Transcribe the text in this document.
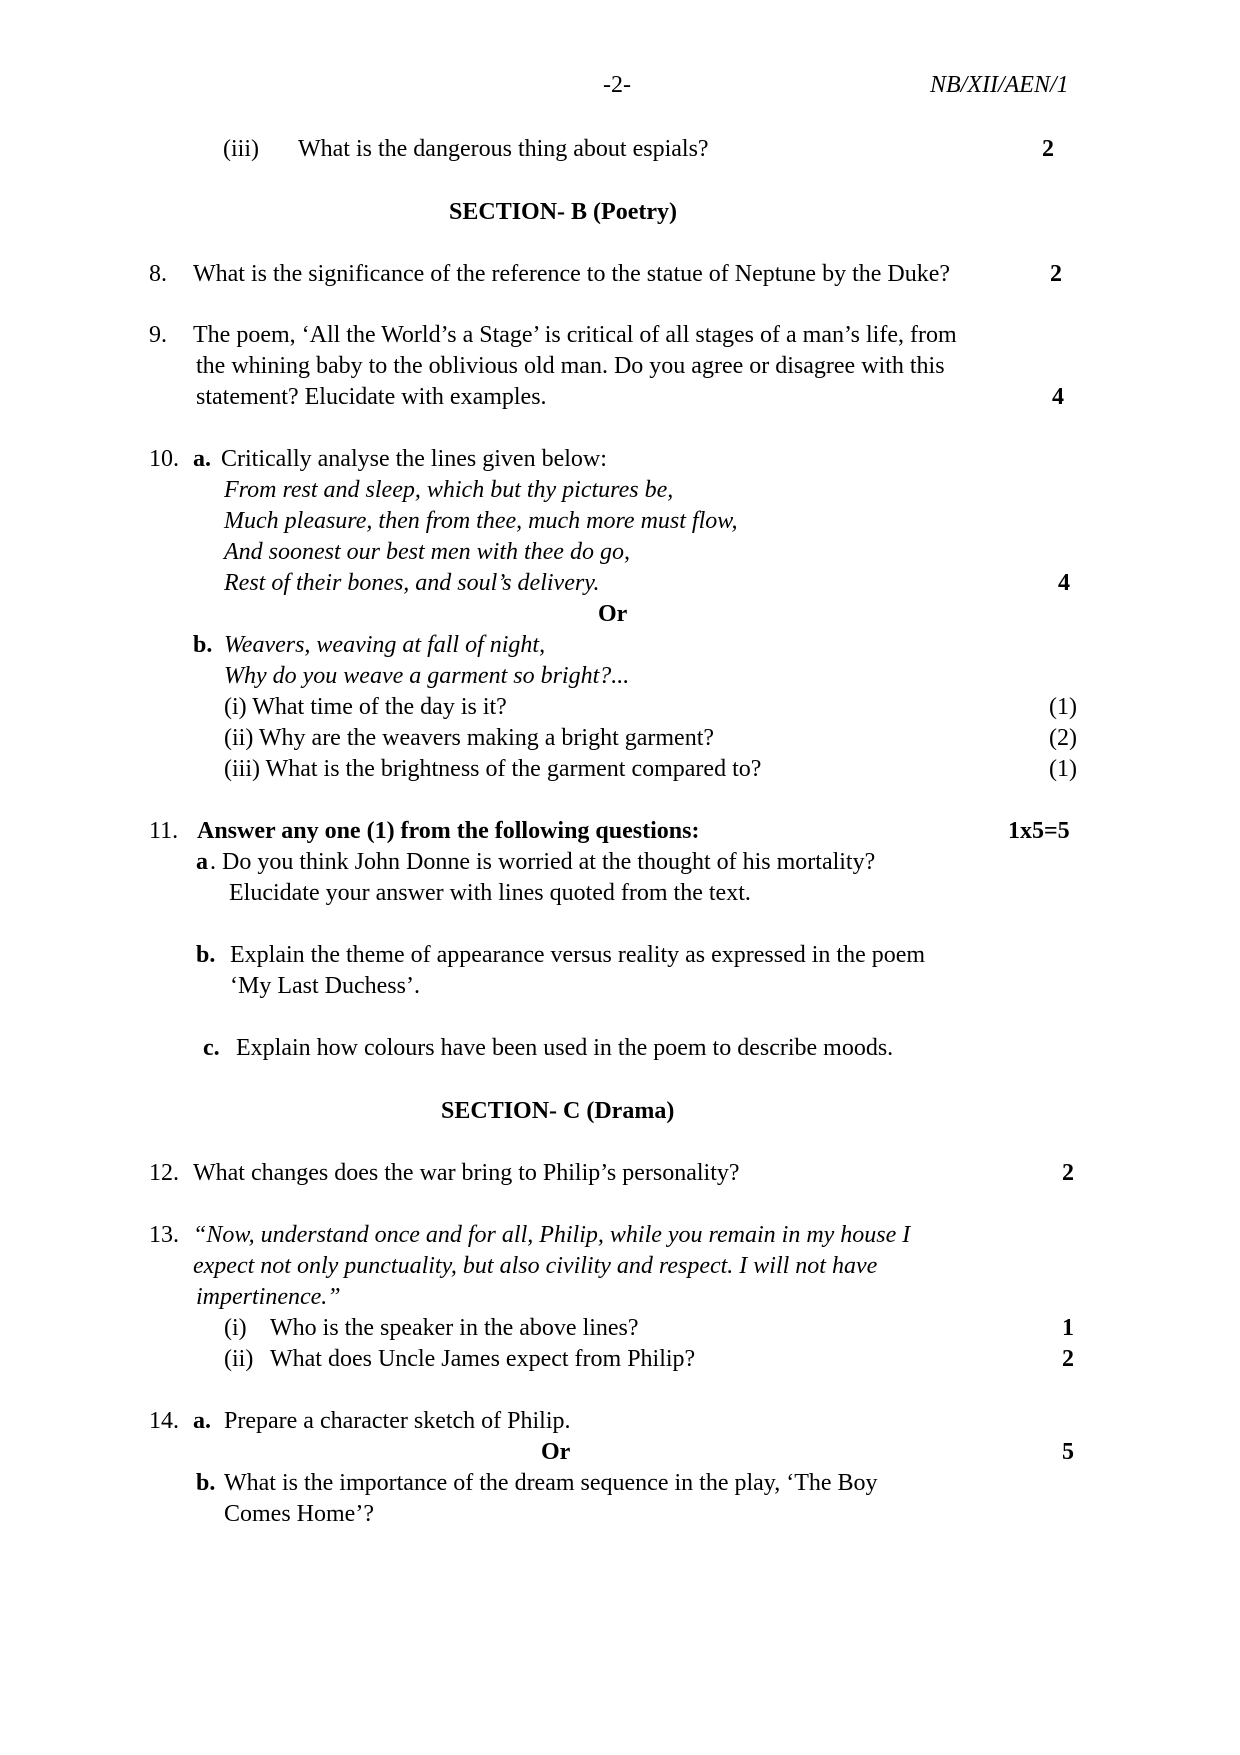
-2-	NB/XII/AEN/1
(iii) What is the dangerous thing about espials?	2
SECTION- B (Poetry)
8. What is the significance of the reference to the statue of Neptune by the Duke?	2
9. The poem, ‘All the World’s a Stage’ is critical of all stages of a man’s life, from
the whining baby to the oblivious old man. Do you agree or disagree with this
statement? Elucidate with examples.	4
10. a. Critically analyse the lines given below:
From rest and sleep, which but thy pictures be,
Much pleasure, then from thee, much more must flow,
And soonest our best men with thee do go,
Rest of their bones, and soul’s delivery.	4
Or
b. Weavers, weaving at fall of night,
Why do you weave a garment so bright?...
(i) What time of the day is it?	(1)
(ii) Why are the weavers making a bright garment?	(2)
(iii) What is the brightness of the garment compared to?	(1)
11. Answer any one (1) from the following questions:	1x5=5
a . Do you think John Donne is worried at the thought of his mortality?
Elucidate your answer with lines quoted from the text.
b. Explain the theme of appearance versus reality as expressed in the poem
‘My Last Duchess’.
c. Explain how colours have been used in the poem to describe moods.
SECTION- C (Drama)
12. What changes does the war bring to Philip’s personality?	2
13. “Now, understand once and for all, Philip, while you remain in my house I
expect not only punctuality, but also civility and respect. I will not have
impertinence.”
(i) Who is the speaker in the above lines?	1
(ii) What does Uncle James expect from Philip?	2
14. a. Prepare a character sketch of Philip.
Or	5
b. What is the importance of the dream sequence in the play, ‘The Boy
Comes Home’?
